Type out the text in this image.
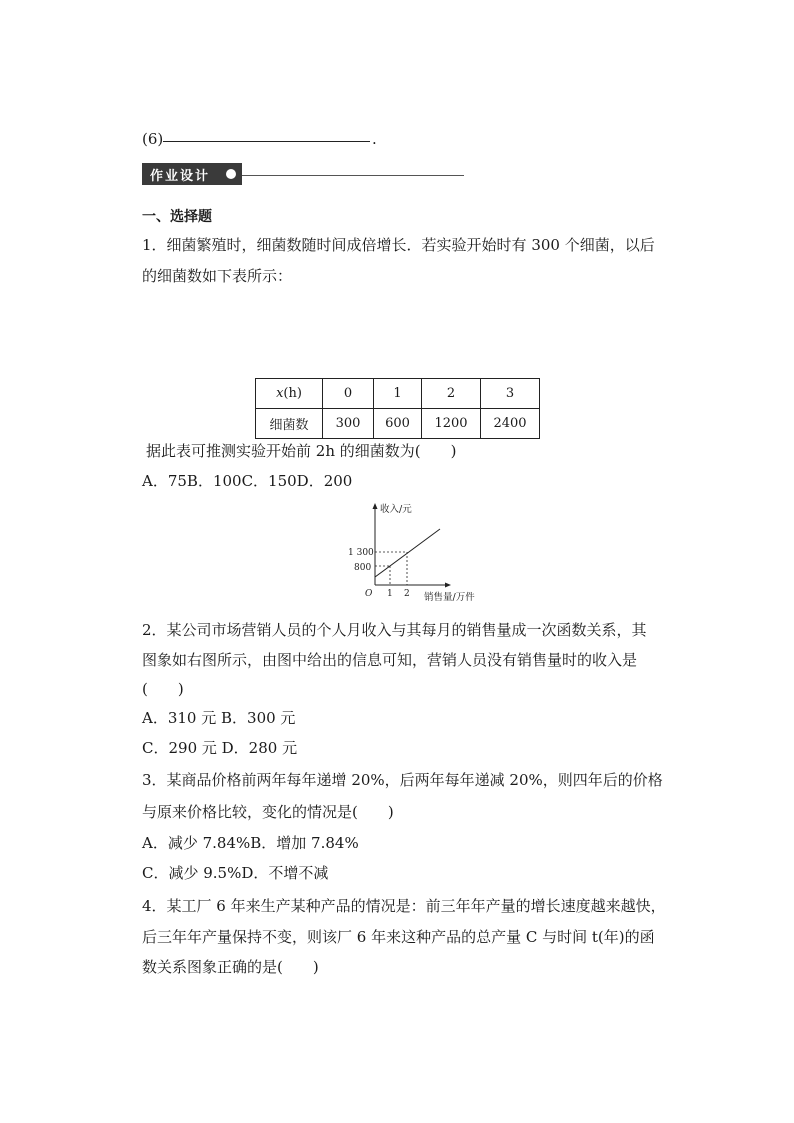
(6)	.
作业设计
一、选择题
1．细菌繁殖时，细菌数随时间成倍增长．若实验开始时有 300 个细菌，以后
的细菌数如下表所示：
x(h)	0	1	2	3
细菌数	300	600	1200	2400
据此表可推测实验开始前 2h 的细菌数为(　　)
A．75B．100C．150D．200
收入/元
销售量/万件
1 300
800
O 1 2
2．某公司市场营销人员的个人月收入与其每月的销售量成一次函数关系，其
图象如右图所示，由图中给出的信息可知，营销人员没有销售量时的收入是
(　　)
A．310 元 B．300 元
C．290 元 D．280 元
3．某商品价格前两年每年递增 20%，后两年每年递减 20%，则四年后的价格
与原来价格比较，变化的情况是(　　)
A．减少 7.84%B．增加 7.84%
C．减少 9.5%D．不增不减
4．某工厂 6 年来生产某种产品的情况是：前三年年产量的增长速度越来越快，
后三年年产量保持不变，则该厂 6 年来这种产品的总产量 C 与时间 t(年)的函
数关系图象正确的是(　　)
